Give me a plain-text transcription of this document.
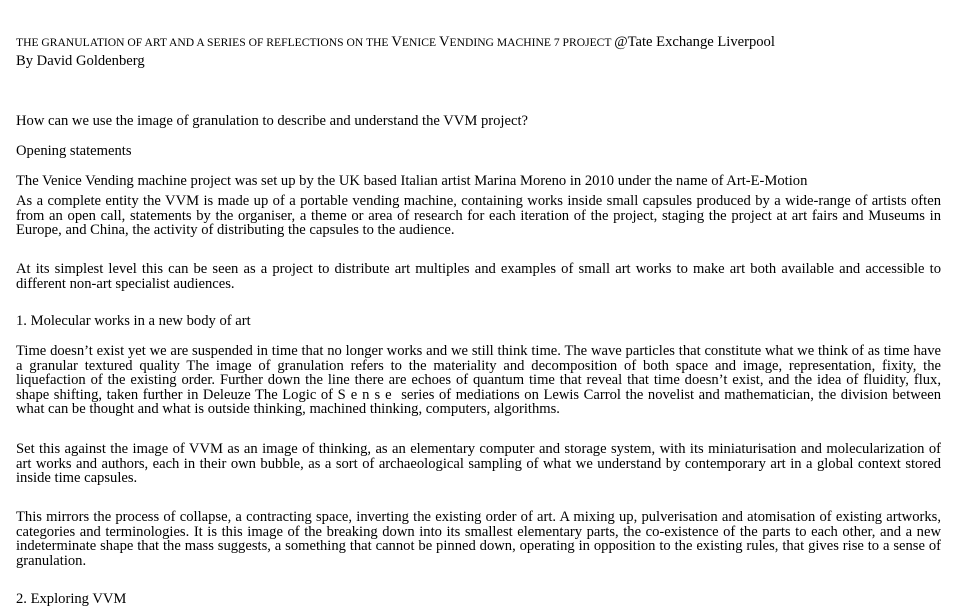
THE GRANULATION OF ART AND A SERIES OF REFLECTIONS ON THE VENICE VENDING MACHINE 7 PROJECT @Tate Exchange Liverpool
By David Goldenberg
How can we use the image of granulation to describe and understand the VVM project?
Opening statements
The Venice Vending machine project was set up by the UK based Italian artist Marina Moreno in 2010 under the name of Art-E-Motion
As a complete entity the VVM is made up of a portable vending machine, containing works inside small capsules produced by a wide-range of artists often from an open call, statements by the organiser, a theme or area of research for each iteration of the project, staging the project at art fairs and Museums in Europe, and China, the activity of distributing the capsules to the audience.
At its simplest level this can be seen as a project to distribute art multiples and examples of small art works to make art both available and accessible to different non-art specialist audiences.
1. Molecular works in a new body of art
Time doesn’t exist yet we are suspended in time that no longer works and we still think time. The wave particles that constitute what we think of as time have a granular textured quality The image of granulation refers to the materiality and decomposition of both space and image, representation, fixity, the liquefaction of the existing order. Further down the line there are echoes of quantum time that reveal that time doesn’t exist, and the idea of fluidity, flux, shape shifting, taken further in Deleuze The Logic of Sense series of mediations on Lewis Carrol the novelist and mathematician, the division between what can be thought and what is outside thinking, machined thinking, computers, algorithms.
Set this against the image of VVM as an image of thinking, as an elementary computer and storage system, with its miniaturisation and molecularization of art works and authors, each in their own bubble, as a sort of archaeological sampling of what we understand by contemporary art in a global context stored inside time capsules.
This mirrors the process of collapse, a contracting space, inverting the existing order of art. A mixing up, pulverisation and atomisation of existing artworks, categories and terminologies. It is this image of the breaking down into its smallest elementary parts, the co-existence of the parts to each other, and a new indeterminate shape that the mass suggests, a something that cannot be pinned down, operating in opposition to the existing rules, that gives rise to a sense of granulation.
2. Exploring VVM
